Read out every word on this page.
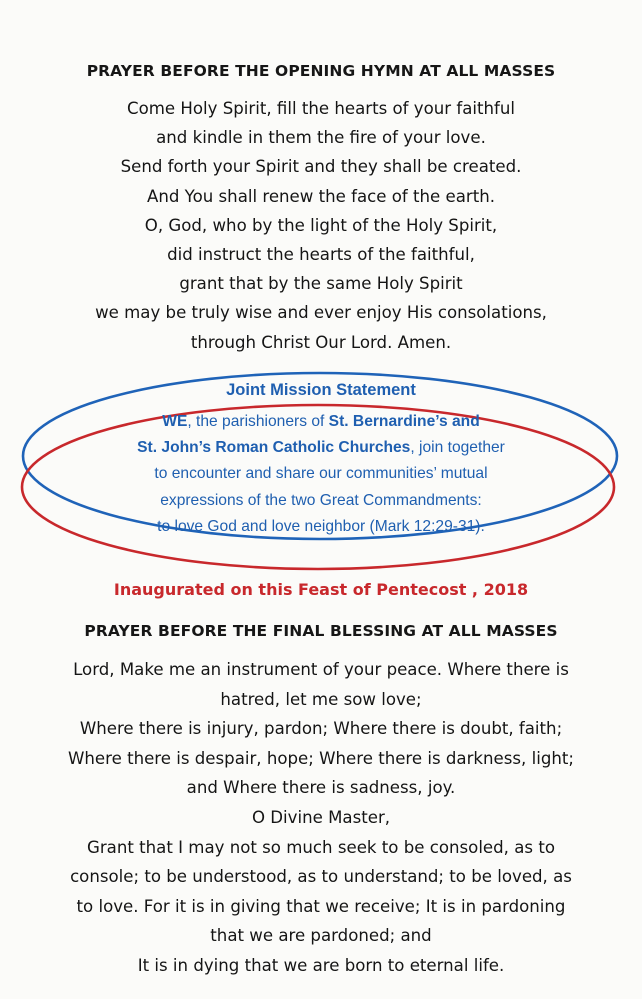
PRAYER BEFORE THE OPENING HYMN AT ALL MASSES
Come Holy Spirit, fill the hearts of your faithful
and kindle in them the fire of your love.
Send forth your Spirit and they shall be created.
And You shall renew the face of the earth.
O, God, who by the light of the Holy Spirit,
did instruct the hearts of the faithful,
grant that by the same Holy Spirit
we may be truly wise and ever enjoy His consolations,
through Christ Our Lord. Amen.
Joint Mission Statement
WE, the parishioners of St. Bernardine’s and
St. John’s Roman Catholic Churches, join together
to encounter and share our communities’ mutual
expressions of the two Great Commandments:
to love God and love neighbor (Mark 12:29-31).
Inaugurated on this Feast of Pentecost , 2018
PRAYER BEFORE THE FINAL BLESSING AT ALL MASSES
Lord, Make me an instrument of your peace. Where there is
hatred, let me sow love;
Where there is injury, pardon; Where there is doubt, faith;
Where there is despair, hope; Where there is darkness, light;
and Where there is sadness, joy.
O Divine Master,
Grant that I may not so much seek to be consoled, as to
console; to be understood, as to understand; to be loved, as
to love. For it is in giving that we receive; It is in pardoning
that we are pardoned; and
It is in dying that we are born to eternal life.
